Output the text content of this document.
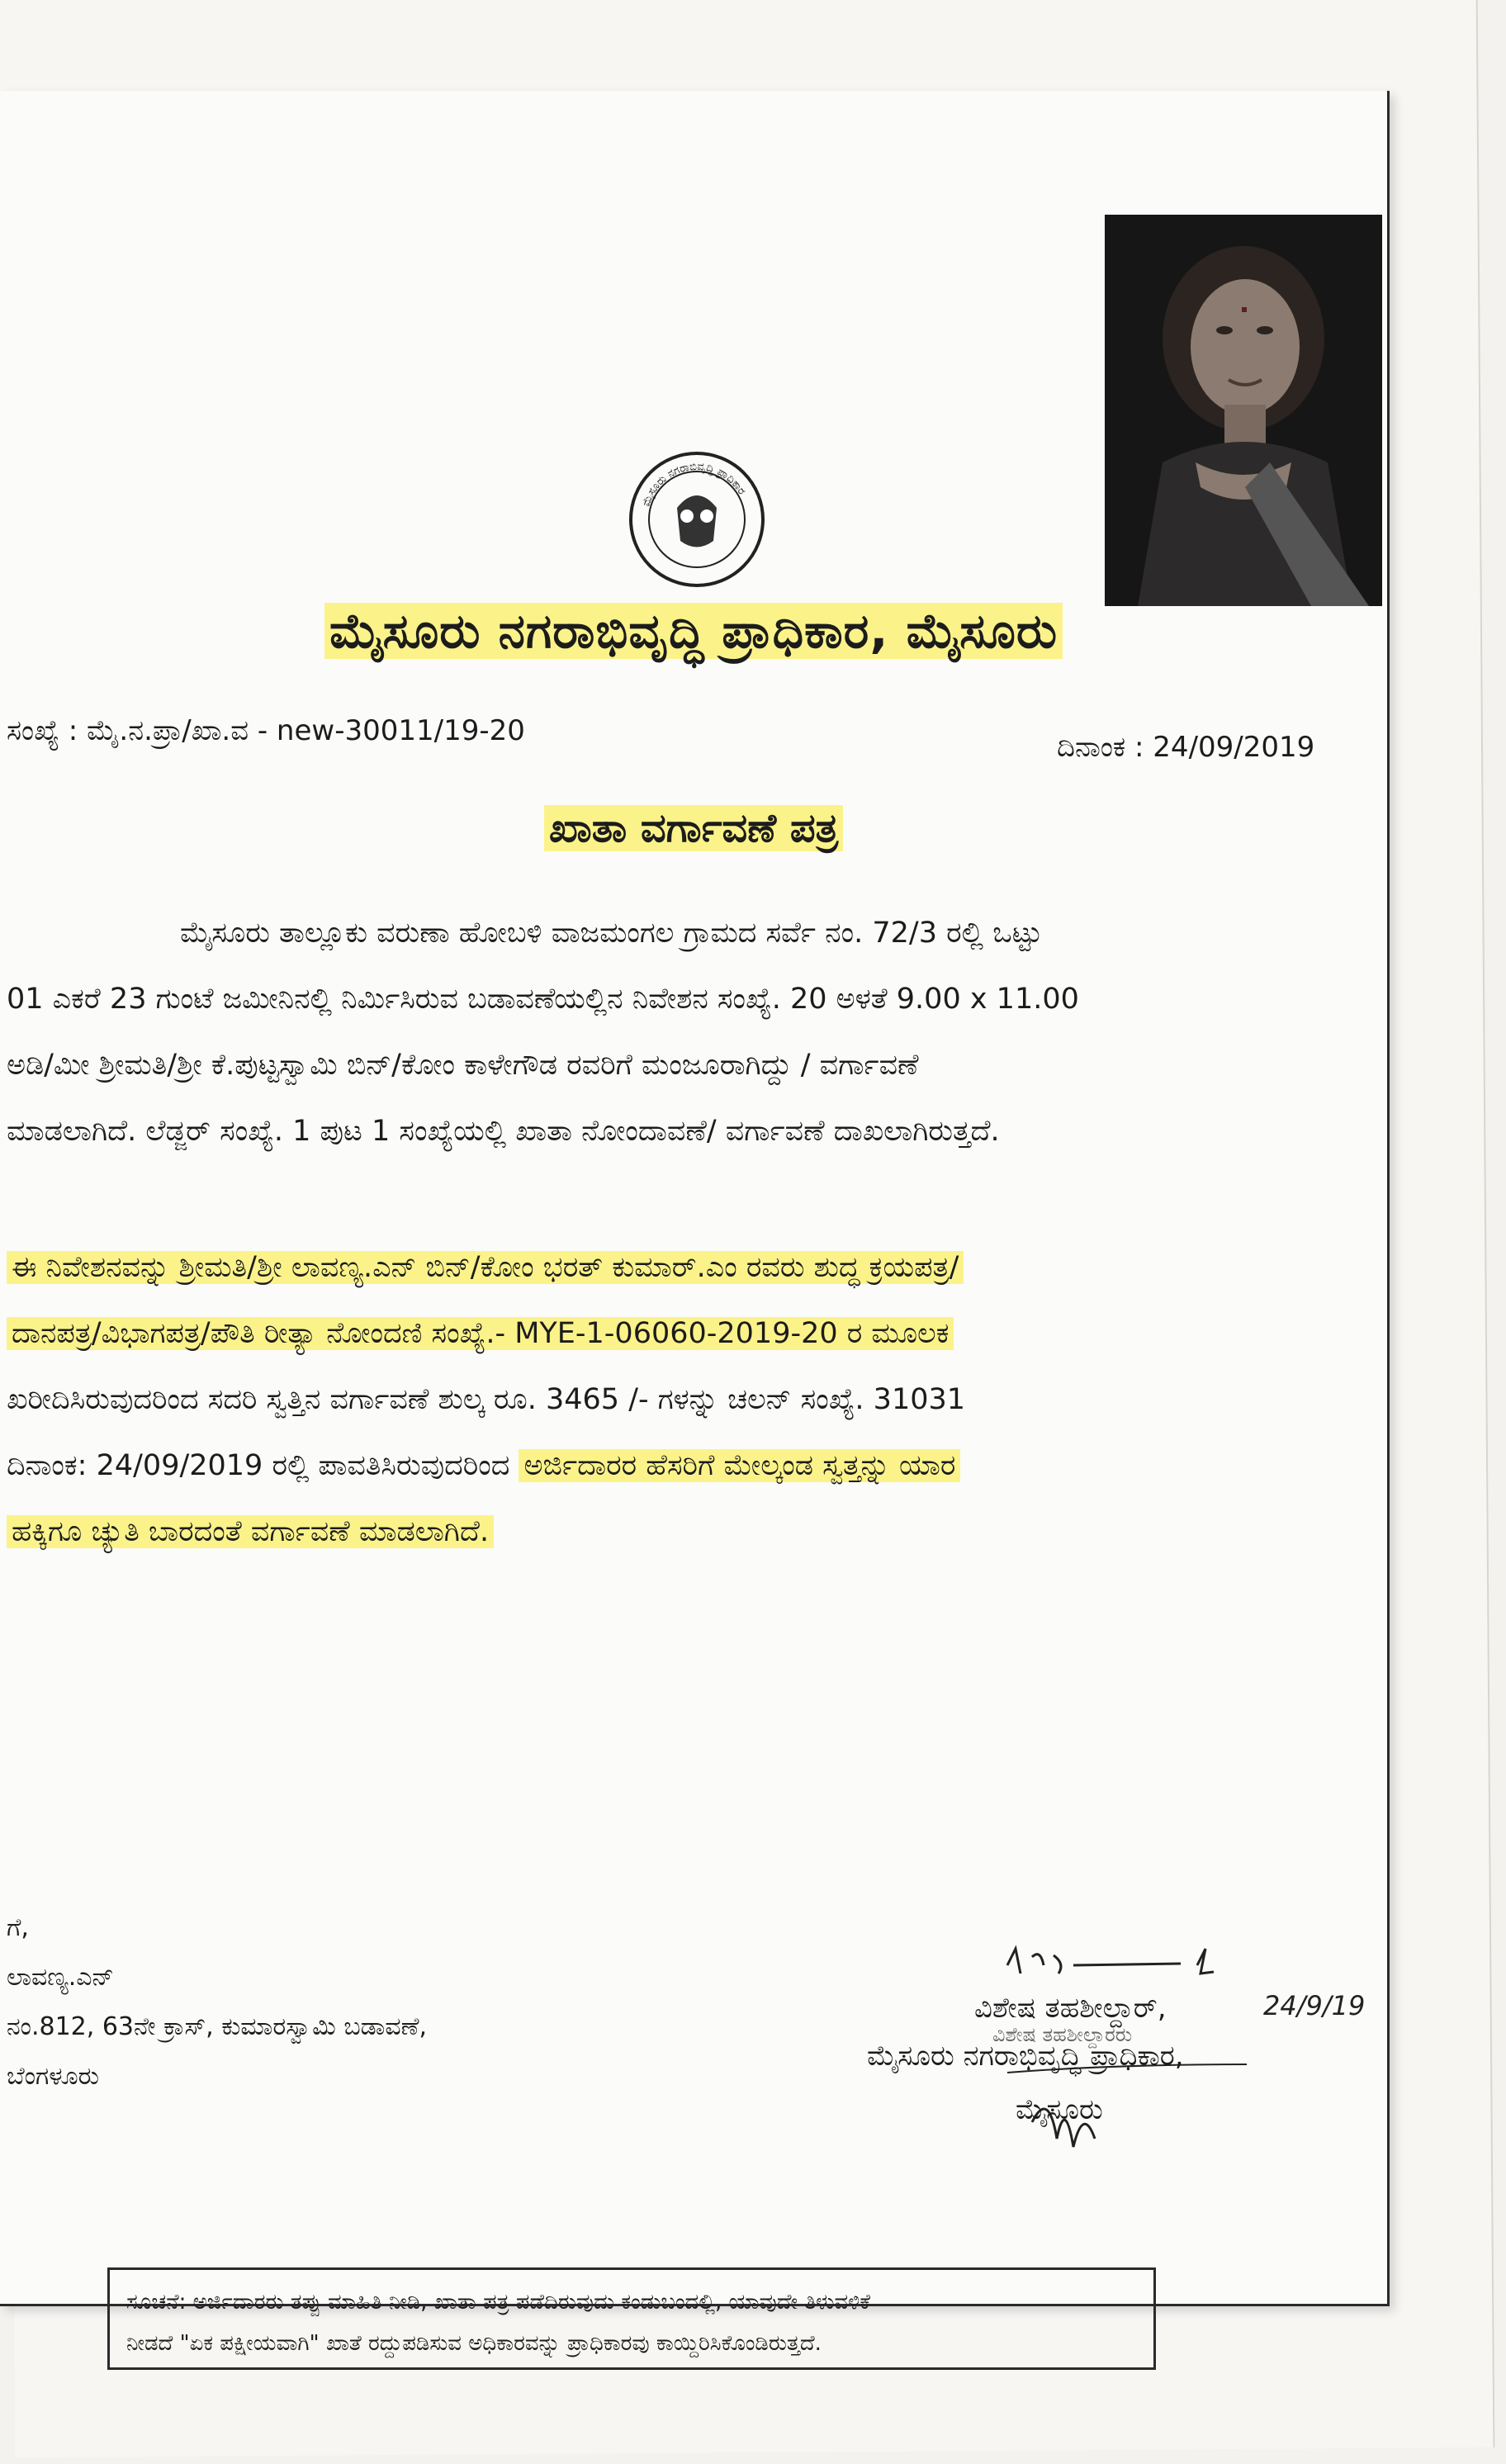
ಮೈಸೂರು ನಗರಾಭಿವೃದ್ಧಿ ಪ್ರಾಧಿಕಾರ
ಮೈಸೂರು ನಗರಾಭಿವೃದ್ಧಿ ಪ್ರಾಧಿಕಾರ, ಮೈಸೂರು
ಸಂಖ್ಯೆ : ಮೈ.ನ.ಪ್ರಾ/ಖಾ.ವ - new-30011/19-20	ದಿನಾಂಕ : 24/09/2019
ಖಾತಾ ವರ್ಗಾವಣೆ ಪತ್ರ
ಮೈಸೂರು ತಾಲ್ಲೂಕು ವರುಣಾ ಹೋಬಳಿ ವಾಜಮಂಗಲ ಗ್ರಾಮದ ಸರ್ವೆ ನಂ. 72/3 ರಲ್ಲಿ ಒಟ್ಟು
01 ಎಕರೆ 23 ಗುಂಟೆ ಜಮೀನಿನಲ್ಲಿ ನಿರ್ಮಿಸಿರುವ ಬಡಾವಣೆಯಲ್ಲಿನ ನಿವೇಶನ ಸಂಖ್ಯೆ. 20 ಅಳತೆ 9.00 x 11.00
ಅಡಿ/ಮೀ ಶ್ರೀಮತಿ/ಶ್ರೀ ಕೆ.ಪುಟ್ಟಸ್ವಾಮಿ ಬಿನ್/ಕೋಂ ಕಾಳೇಗೌಡ ರವರಿಗೆ ಮಂಜೂರಾಗಿದ್ದು / ವರ್ಗಾವಣೆ
ಮಾಡಲಾಗಿದೆ. ಲೆಡ್ಜರ್ ಸಂಖ್ಯೆ. 1 ಪುಟ 1 ಸಂಖ್ಯೆಯಲ್ಲಿ ಖಾತಾ ನೋಂದಾವಣೆ/ ವರ್ಗಾವಣೆ ದಾಖಲಾಗಿರುತ್ತದೆ.
ಈ ನಿವೇಶನವನ್ನು ಶ್ರೀಮತಿ/ಶ್ರೀ ಲಾವಣ್ಯ.ಎನ್ ಬಿನ್/ಕೋಂ ಭರತ್ ಕುಮಾರ್.ಎಂ ರವರು ಶುದ್ಧ ಕ್ರಯಪತ್ರ/
ದಾನಪತ್ರ/ವಿಭಾಗಪತ್ರ/ಪೌತಿ ರೀತ್ಯಾ ನೋಂದಣಿ ಸಂಖ್ಯೆ.- MYE-1-06060-2019-20 ರ ಮೂಲಕ
ಖರೀದಿಸಿರುವುದರಿಂದ ಸದರಿ ಸ್ವತ್ತಿನ ವರ್ಗಾವಣೆ ಶುಲ್ಕ ರೂ. 3465 /- ಗಳನ್ನು ಚಲನ್ ಸಂಖ್ಯೆ. 31031
ದಿನಾಂಕ: 24/09/2019 ರಲ್ಲಿ ಪಾವತಿಸಿರುವುದರಿಂದ ಅರ್ಜಿದಾರರ ಹೆಸರಿಗೆ ಮೇಲ್ಕಂಡ ಸ್ವತ್ತನ್ನು ಯಾರ
ಹಕ್ಕಿಗೂ ಚ್ಯುತಿ ಬಾರದಂತೆ ವರ್ಗಾವಣೆ ಮಾಡಲಾಗಿದೆ.
ಗೆ,
ಲಾವಣ್ಯ.ಎನ್
ನಂ.812, 63ನೇ ಕ್ರಾಸ್, ಕುಮಾರಸ್ವಾಮಿ ಬಡಾವಣೆ,
ಬೆಂಗಳೂರು
24/9/19
ವಿಶೇಷ ತಹಶೀಲ್ದಾರ್,
ವಿಶೇಷ ತಹಶೀಲ್ದಾರರು
ಮೈಸೂರು ನಗರಾಭಿವೃದ್ಧಿ ಪ್ರಾಧಿಕಾರ,
ಮೈಸೂರು
ಸೂಚನೆ: ಅರ್ಜಿದಾರರು ತಪ್ಪು ಮಾಹಿತಿ ನೀಡಿ, ಖಾತಾ ಪತ್ರ ಪಡೆದಿರುವುದು ಕಂಡುಬಂದಲ್ಲಿ, ಯಾವುದೇ ತಿಳುವಳಿಕೆ
ನೀಡದೆ "ಏಕ ಪಕ್ಷೀಯವಾಗಿ" ಖಾತೆ ರದ್ದುಪಡಿಸುವ ಅಧಿಕಾರವನ್ನು ಪ್ರಾಧಿಕಾರವು ಕಾಯ್ದಿರಿಸಿಕೊಂಡಿರುತ್ತದೆ.
